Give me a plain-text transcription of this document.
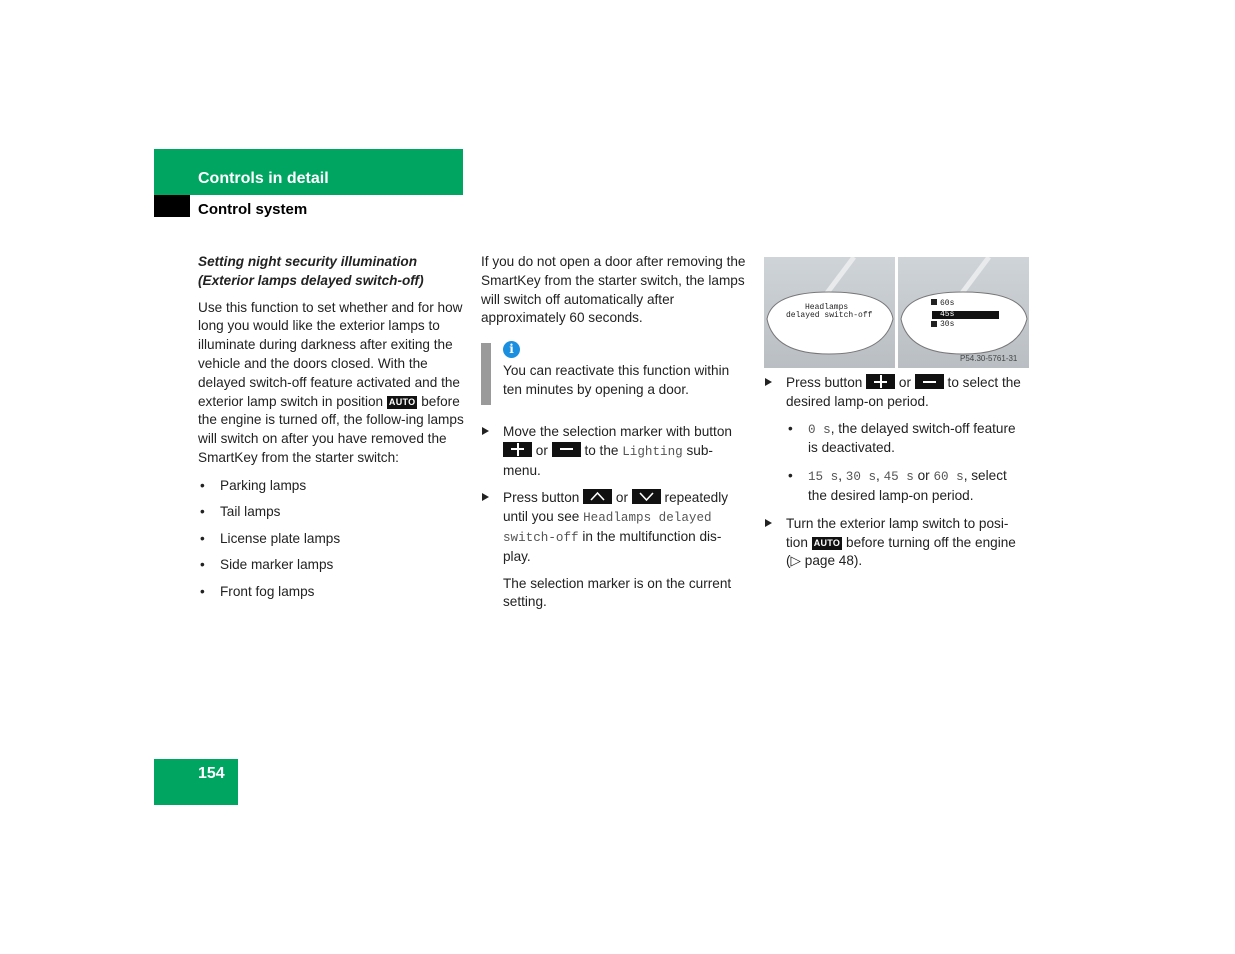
Controls in detail
Control system

Setting night security illumination
(Exterior lamps delayed switch-off)

Use this function to set whether and for how long you would like the exterior lamps to illuminate during darkness after exiting the vehicle and the doors closed. With the delayed switch-off feature activated and the exterior lamp switch in position AUTO before the engine is turned off, the follow-ing lamps will switch on after you have removed the SmartKey from the starter switch:

• Parking lamps
• Tail lamps
• License plate lamps
• Side marker lamps
• Front fog lamps

If you do not open a door after removing the SmartKey from the starter switch, the lamps will switch off automatically after approximately 60 seconds.

i
You can reactivate this function within ten minutes by opening a door.
Move the selection marker with button  or	to the Lighting sub-menu.
Press button	or	repeatedly until you see Headlamps delayed switch-off in the multifunction dis-play.

The selection marker is on the current setting.

Headlamps
delayed switch-off
60s
45s
30s
P54.30-5761-31
Press button	or	to select the desired lamp-on period.
• 0 s, the delayed switch-off feature is deactivated.
• 15 s, 30 s, 45 s or 60 s, select the desired lamp-on period.
Turn the exterior lamp switch to posi-tion AUTO before turning off the engine (▷ page 48).
154
